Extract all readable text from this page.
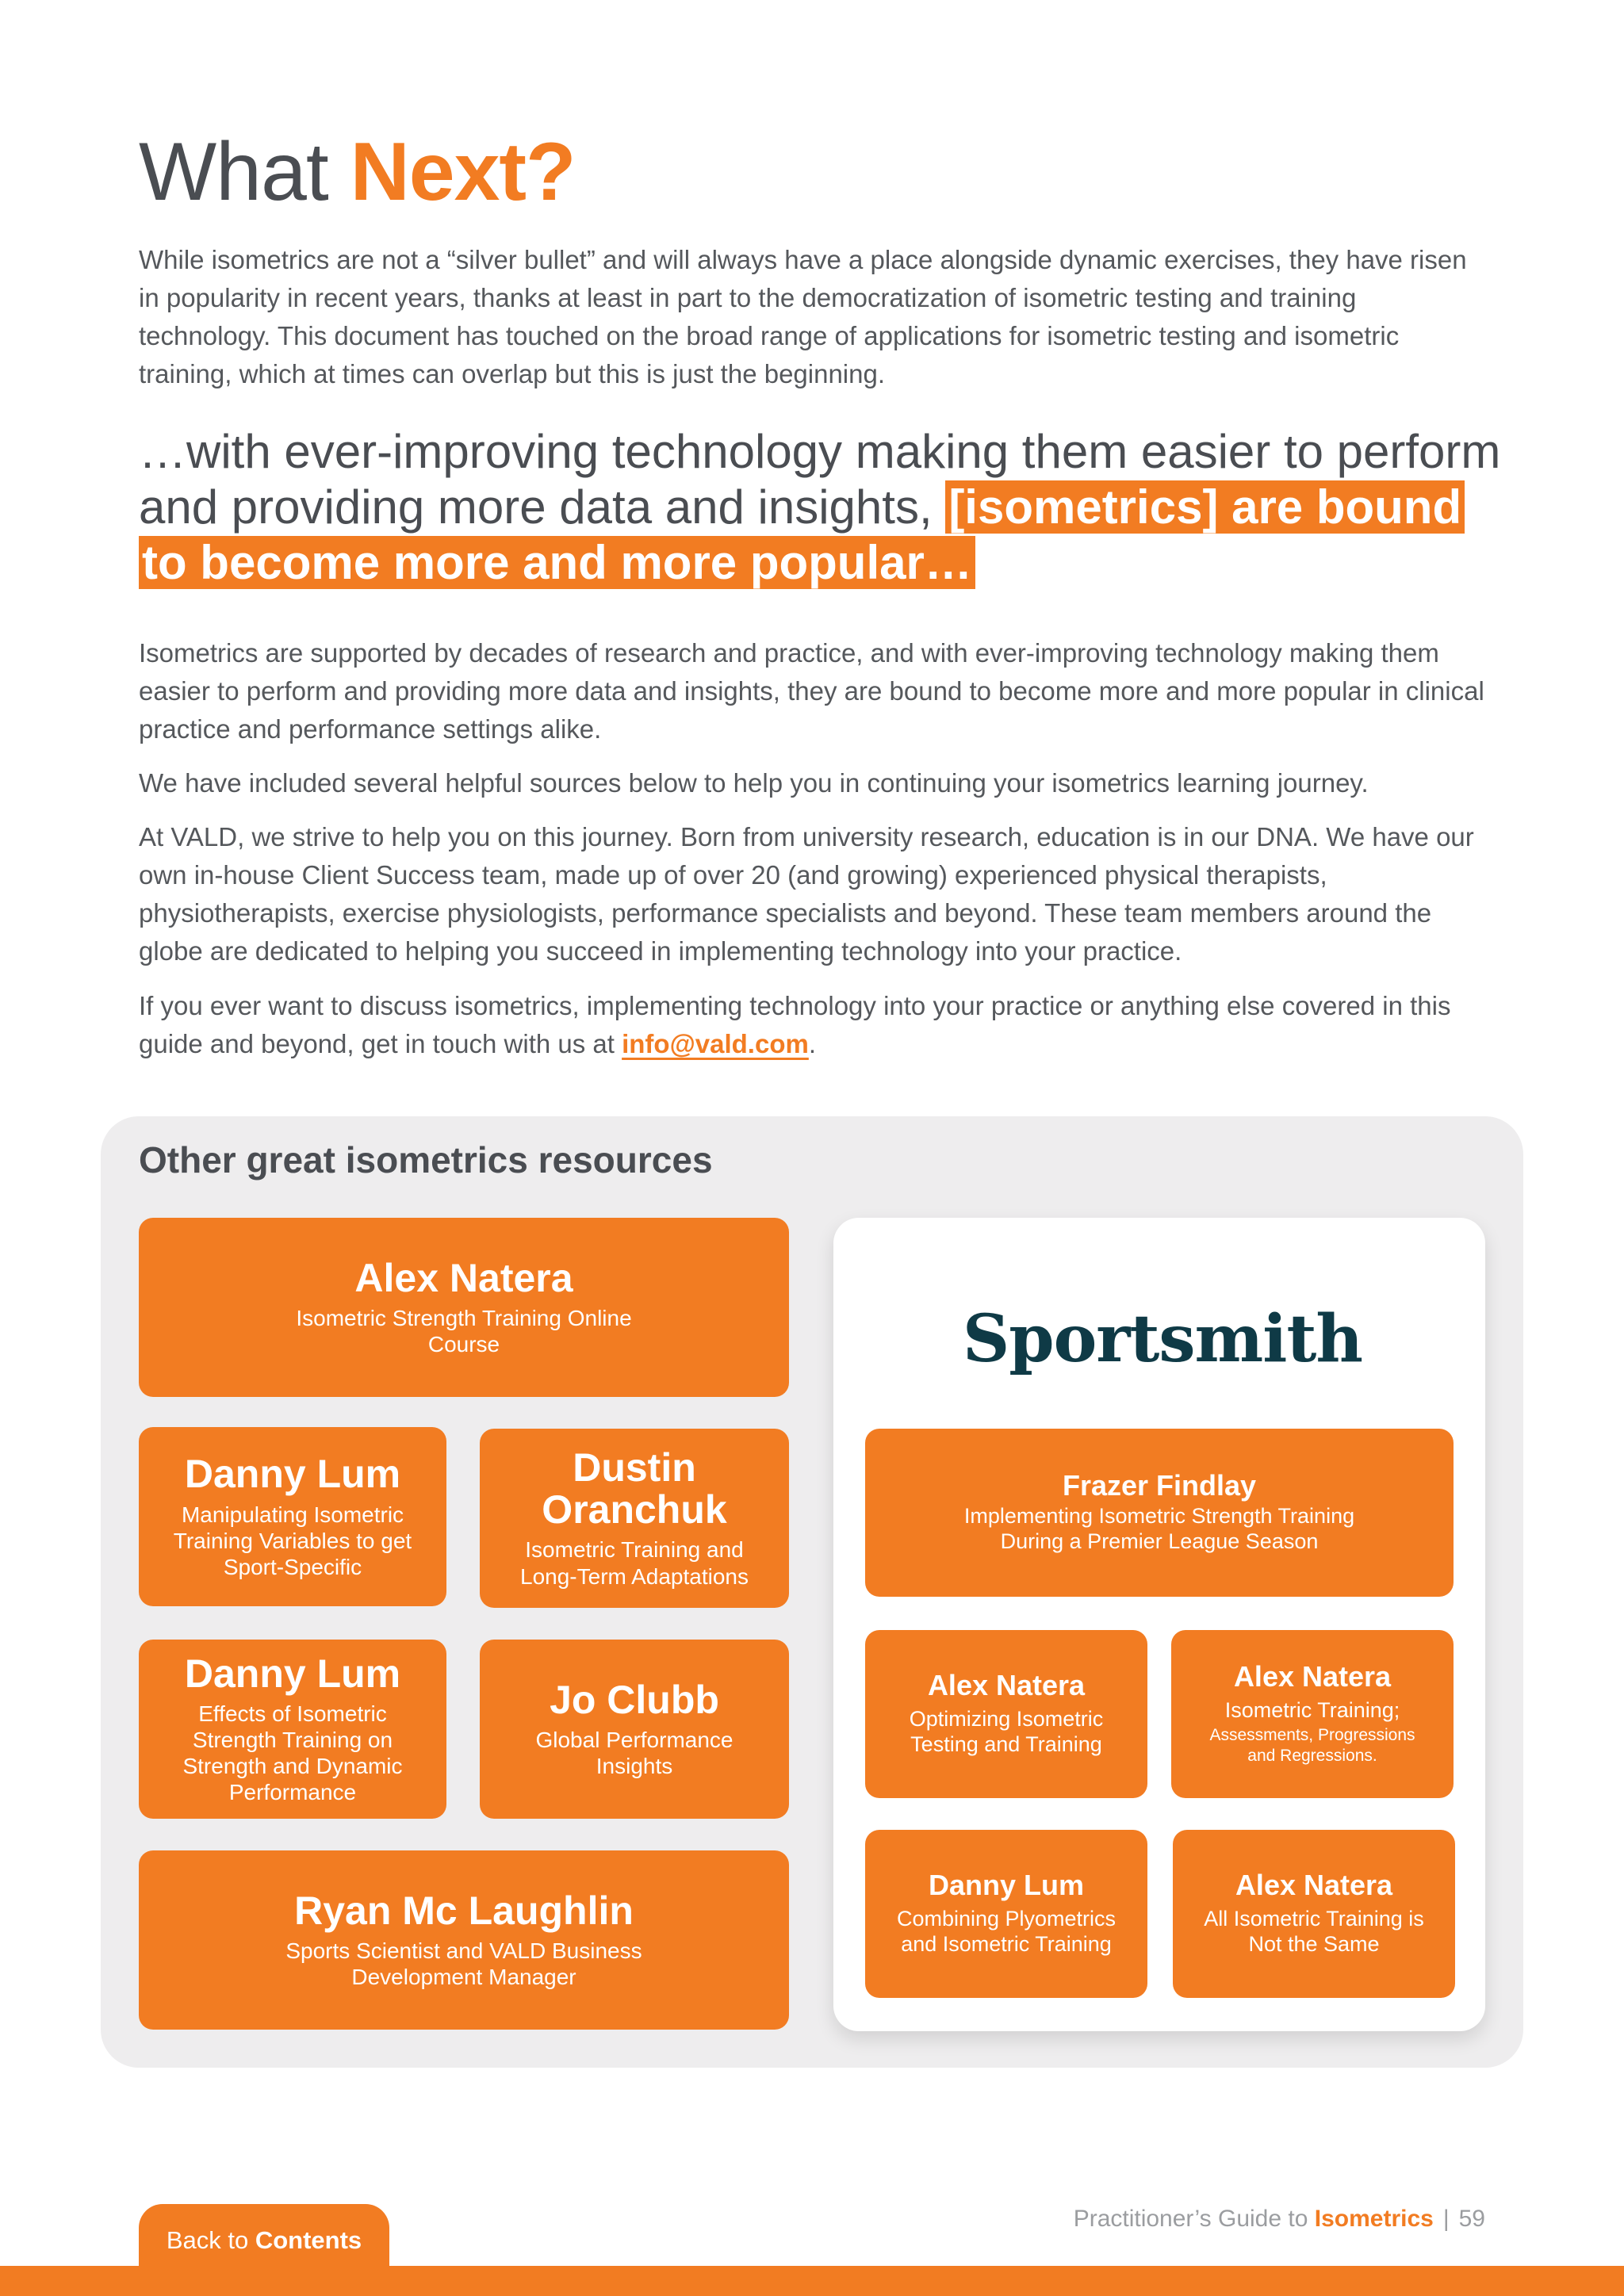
What Next?

While isometrics are not a “silver bullet” and will always have a place alongside dynamic exercises, they have risen in popularity in recent years, thanks at least in part to the democratization of isometric testing and training technology. This document has touched on the broad range of applications for isometric testing and isometric training, which at times can overlap but this is just the beginning.

…with ever-improving technology making them easier to perform and providing more data and insights, [isometrics] are bound to become more and more popular…

Isometrics are supported by decades of research and practice, and with ever-improving technology making them easier to perform and providing more data and insights, they are bound to become more and more popular in clinical practice and performance settings alike.

We have included several helpful sources below to help you in continuing your isometrics learning journey.

At VALD, we strive to help you on this journey. Born from university research, education is in our DNA. We have our own in-house Client Success team, made up of over 20 (and growing) experienced physical therapists, physiotherapists, exercise physiologists, performance specialists and beyond. These team members around the globe are dedicated to helping you succeed in implementing technology into your practice.

If you ever want to discuss isometrics, implementing technology into your practice or anything else covered in this guide and beyond, get in touch with us at info@vald.com.

Other great isometrics resources
Alex Natera
Isometric Strength Training Online Course
Danny Lum
Manipulating Isometric Training Variables to get Sport-Specific
Dustin Oranchuk
Isometric Training and Long-Term Adaptations
Danny Lum
Effects of Isometric Strength Training on Strength and Dynamic Performance
Jo Clubb
Global Performance Insights
Ryan Mc Laughlin
Sports Scientist and VALD Business Development Manager
Sportsmith
Frazer Findlay
Implementing Isometric Strength Training During a Premier League Season
Alex Natera
Optimizing Isometric Testing and Training
Alex Natera
Isometric Training;
Assessments, Progressions and Regressions.
Danny Lum
Combining Plyometrics and Isometric Training
Alex Natera
All Isometric Training is Not the Same
Back to
Contents
Practitioner’s Guide to Isometrics | 59
